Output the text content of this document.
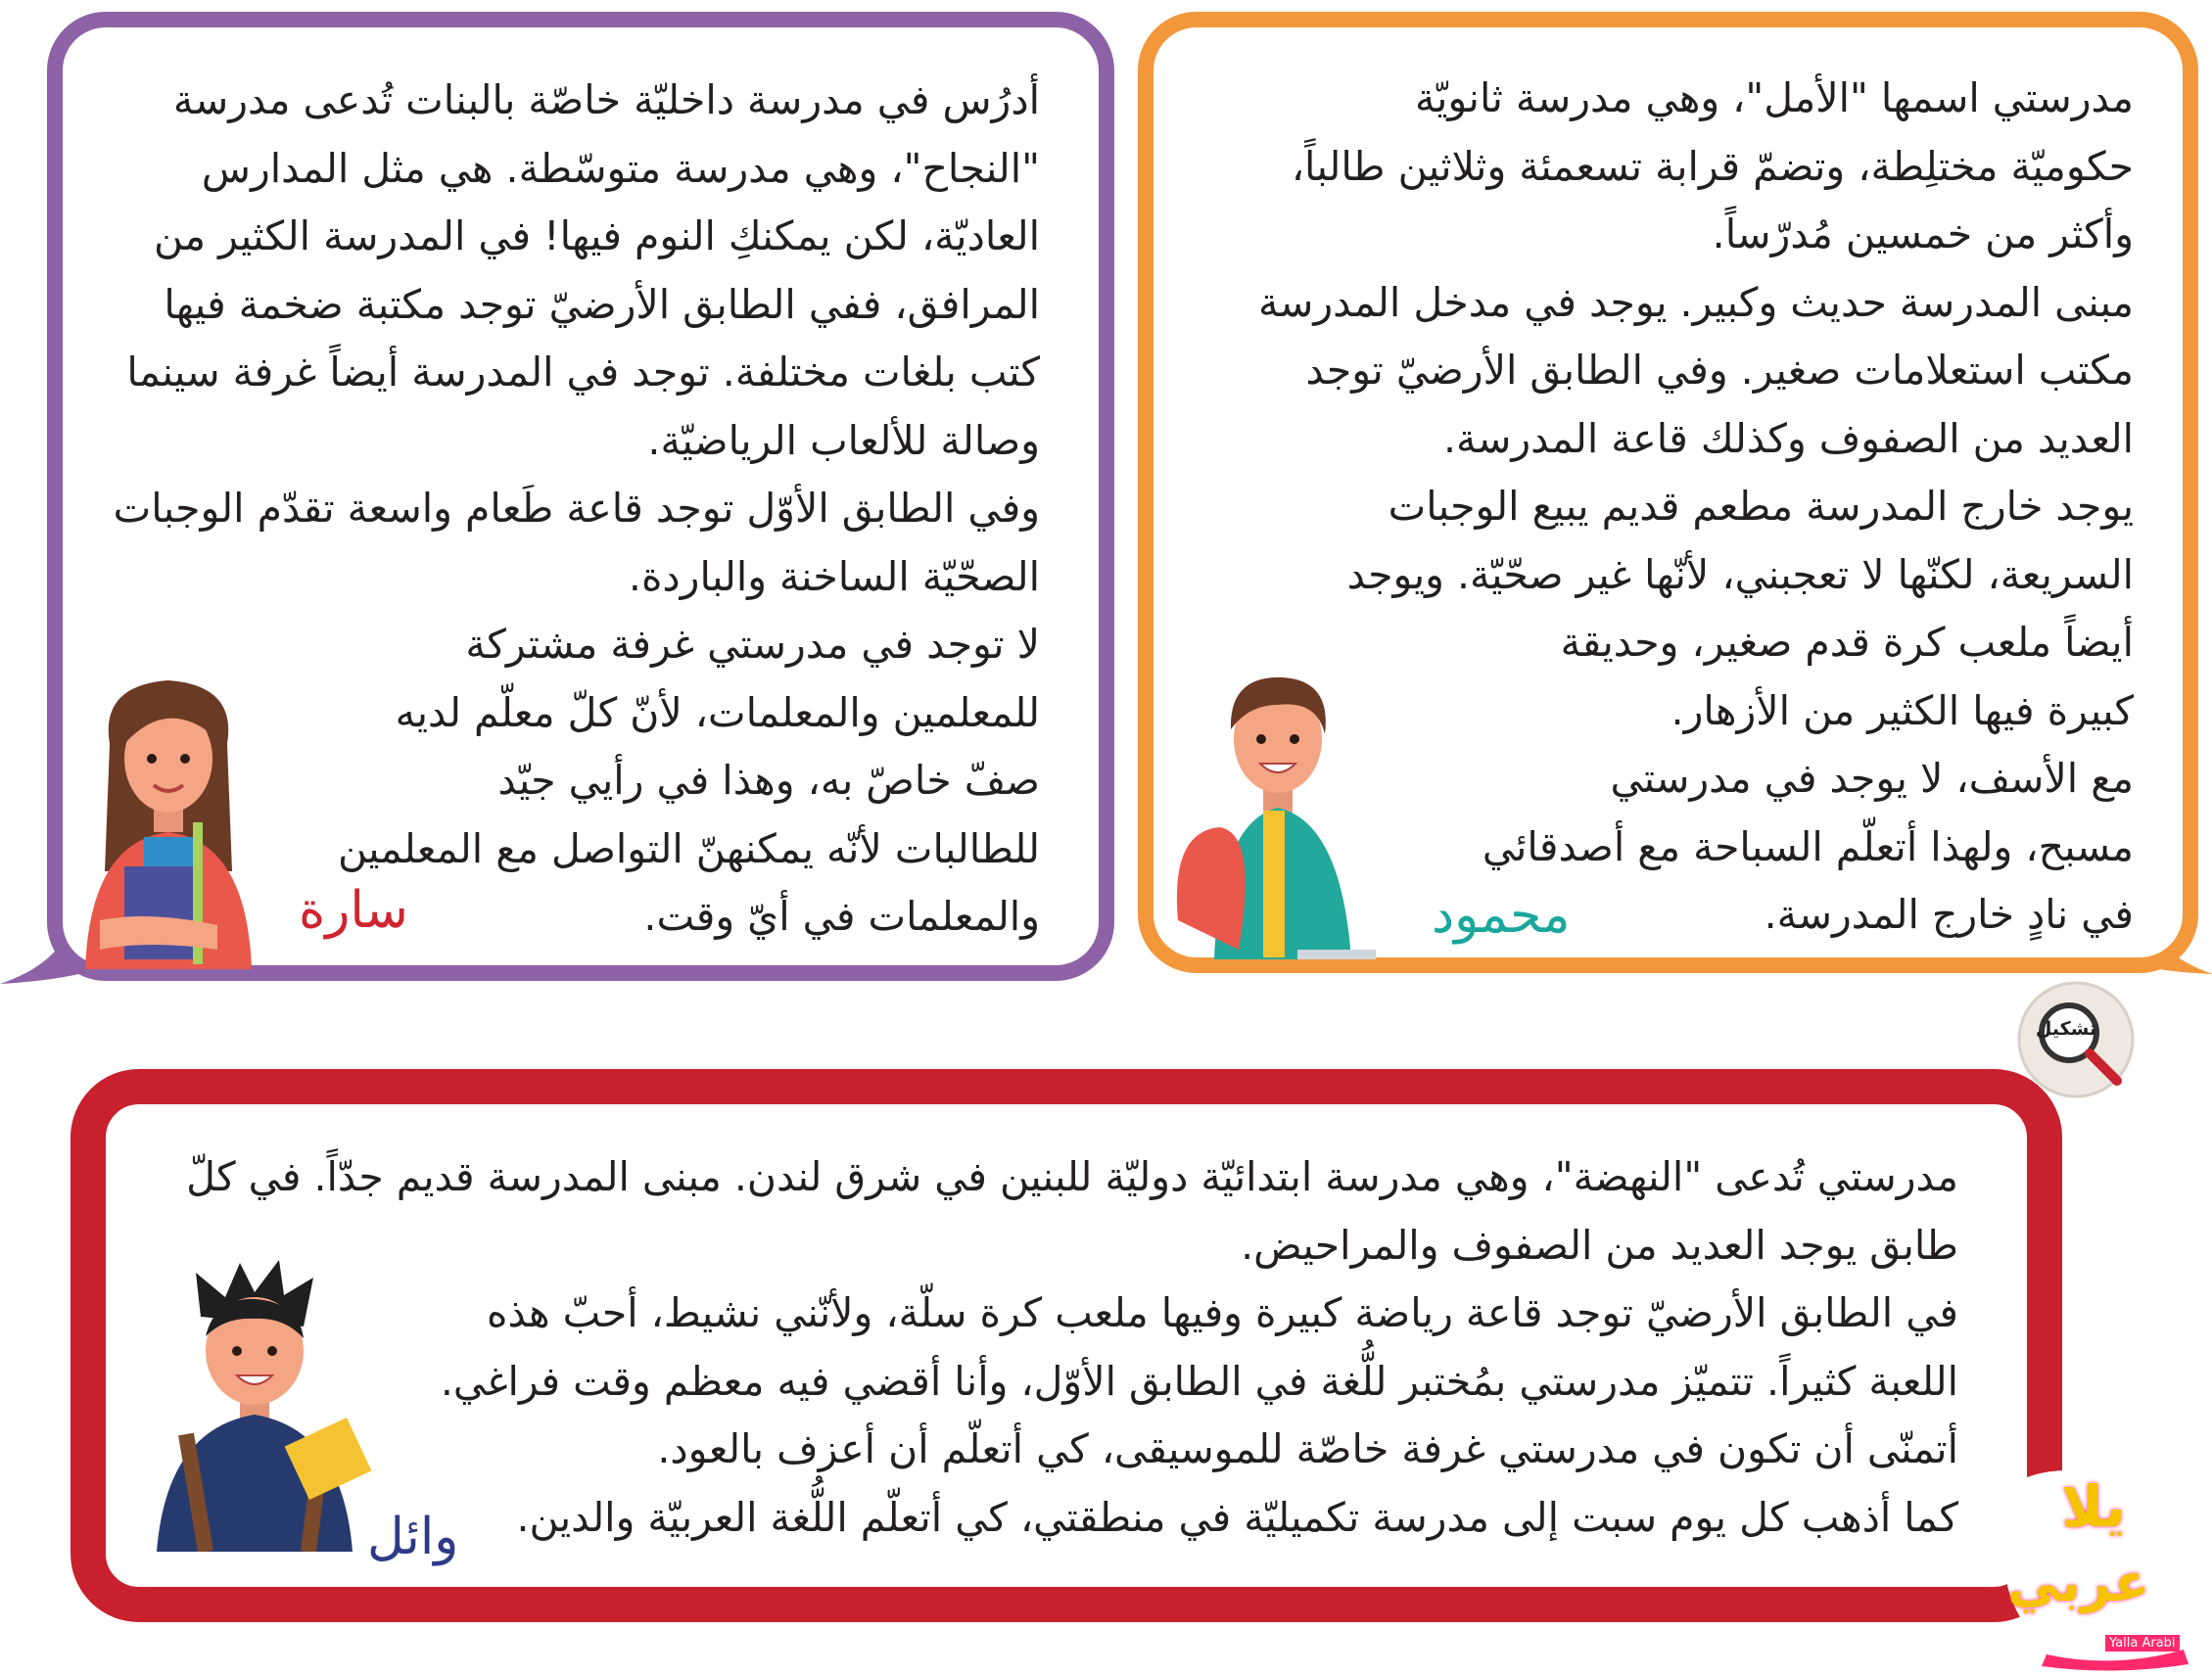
أدرُس في مدرسة داخليّة خاصّة بالبنات تُدعى مدرسة

"النجاح"، وهي مدرسة متوسّطة. هي مثل المدارس

العاديّة، لكن يمكنكِ النوم فيها! في المدرسة الكثير من

المرافق، ففي الطابق الأرضيّ توجد مكتبة ضخمة فيها

كتب بلغات مختلفة. توجد في المدرسة أيضاً غرفة سينما

وصالة للألعاب الرياضيّة.

وفي الطابق الأوّل توجد قاعة طَعام واسعة تقدّم الوجبات

الصحّيّة الساخنة والباردة.

لا توجد في مدرستي غرفة مشتركة

للمعلمين والمعلمات، لأنّ كلّ معلّم لديه

صفّ خاصّ به، وهذا في رأيي جيّد

للطالبات لأنّه يمكنهنّ التواصل مع المعلمين

والمعلمات في أيّ وقت.

سارة

مدرستي اسمها "الأمل"، وهي مدرسة ثانويّة

حكوميّة مختلِطة، وتضمّ قرابة تسعمئة وثلاثين طالباً،

وأكثر من خمسين مُدرّساً.

مبنى المدرسة حديث وكبير. يوجد في مدخل المدرسة

مكتب استعلامات صغير. وفي الطابق الأرضيّ توجد

العديد من الصفوف وكذلك قاعة المدرسة.

يوجد خارج المدرسة مطعم قديم يبيع الوجبات

السريعة، لكنّها لا تعجبني، لأنّها غير صحّيّة. ويوجد

أيضاً ملعب كرة قدم صغير، وحديقة

كبيرة فيها الكثير من الأزهار.

مع الأسف، لا يوجد في مدرستي

مسبح، ولهذا أتعلّم السباحة مع أصدقائي

في نادٍ خارج المدرسة.

محمود
تشكيل

مدرستي تُدعى "النهضة"، وهي مدرسة ابتدائيّة دوليّة للبنين في شرق لندن. مبنى المدرسة قديم جدّاً. في كلّ

طابق يوجد العديد من الصفوف والمراحيض.

في الطابق الأرضيّ توجد قاعة رياضة كبيرة وفيها ملعب كرة سلّة، ولأنّني نشيط، أحبّ هذه

اللعبة كثيراً. تتميّز مدرستي بمُختبر للُّغة في الطابق الأوّل، وأنا أقضي فيه معظم وقت فراغي.

أتمنّى أن تكون في مدرستي غرفة خاصّة للموسيقى، كي أتعلّم أن أعزف بالعود.

كما أذهب كل يوم سبت إلى مدرسة تكميليّة في منطقتي، كي أتعلّم اللُّغة العربيّة والدين.

وائل	يلا
عربي
Yalla Arabi
